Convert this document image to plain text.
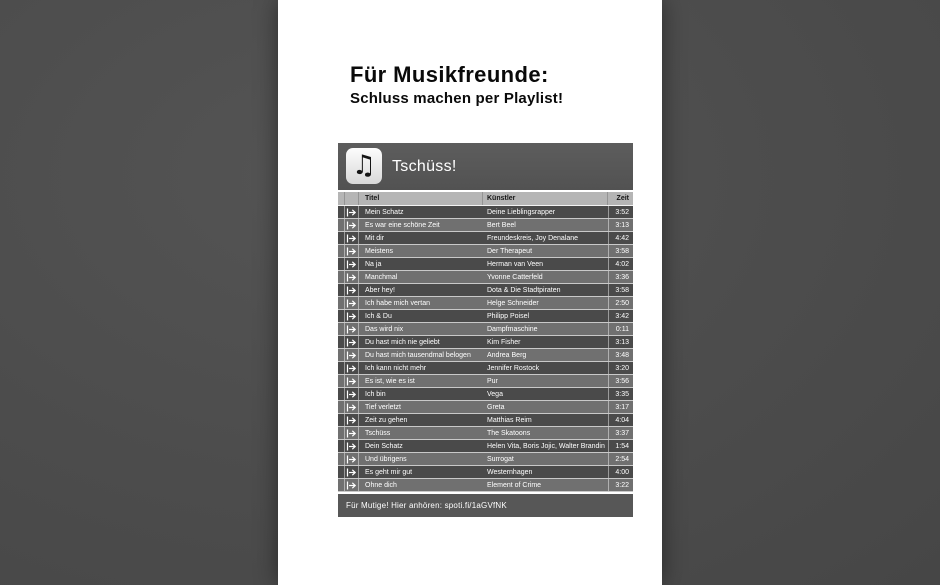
Für Musikfreunde:
Schluss machen per Playlist!
♫ Tschüss!
Titel	Künstler	Zeit
Mein Schatz	Deine Lieblingsrapper	3:52
Es war eine schöne Zeit	Bert Beel	3:13
Mit dir	Freundeskreis, Joy Denalane	4:42
Meistens	Der Therapeut	3:58
Na ja	Herman van Veen	4:02
Manchmal	Yvonne Catterfeld	3:36
Aber hey!	Dota & Die Stadtpiraten	3:58
Ich habe mich vertan	Helge Schneider	2:50
Ich & Du	Philipp Poisel	3:42
Das wird nix	Dampfmaschine	0:11
Du hast mich nie geliebt	Kim Fisher	3:13
Du hast mich tausendmal belogen	Andrea Berg	3:48
Ich kann nicht mehr	Jennifer Rostock	3:20
Es ist, wie es ist	Pur	3:56
Ich bin	Vega	3:35
Tief verletzt	Greta	3:17
Zeit zu gehen	Matthias Reim	4:04
Tschüss	The Skatoons	3:37
Dein Schatz	Helen Vita, Boris Jojic, Walter Brandin	1:54
Und übrigens	Surrogat	2:54
Es geht mir gut	Westernhagen	4:00
Ohne dich	Element of Crime	3:22
Für Mutige! Hier anhören: spoti.fi/1aGVfNK
